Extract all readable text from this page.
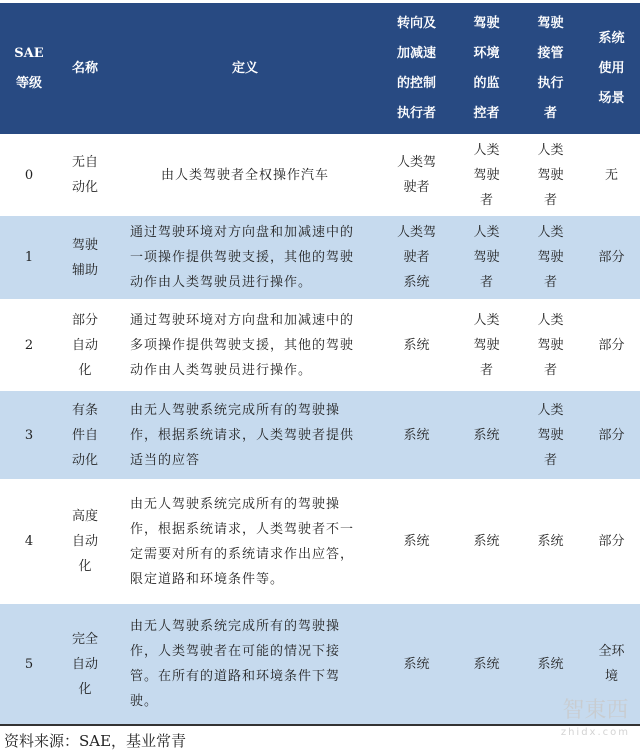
SAE
等级	名称	定义	转向及
加减速
的控制
执行者	驾驶
环境
的监
控者	驾驶
接管
执行
者	系统
使用
场景
0	无自
动化	由人类驾驶者全权操作汽车	人类驾
驶者	人类
驾驶
者	人类
驾驶
者	无
1	驾驶
辅助	通过驾驶环境对方向盘和加减速中的
一项操作提供驾驶支援，其他的驾驶
动作由人类驾驶员进行操作。	人类驾
驶者
系统	人类
驾驶
者	人类
驾驶
者	部分
2	部分
自动
化	通过驾驶环境对方向盘和加减速中的
多项操作提供驾驶支援，其他的驾驶
动作由人类驾驶员进行操作。	系统	人类
驾驶
者	人类
驾驶
者	部分
3	有条
件自
动化	由无人驾驶系统完成所有的驾驶操
作，根据系统请求，人类驾驶者提供
适当的应答	系统	系统	人类
驾驶
者	部分
4	高度
自动
化	由无人驾驶系统完成所有的驾驶操
作，根据系统请求，人类驾驶者不一
定需要对所有的系统请求作出应答，
限定道路和环境条件等。	系统	系统	系统	部分
5	完全
自动
化	由无人驾驶系统完成所有的驾驶操
作，人类驾驶者在可能的情况下接
管。在所有的道路和环境条件下驾
驶。	系统	系统	系统	全环
境
资料来源：SAE，基业常青
智東西
zhidx.com
